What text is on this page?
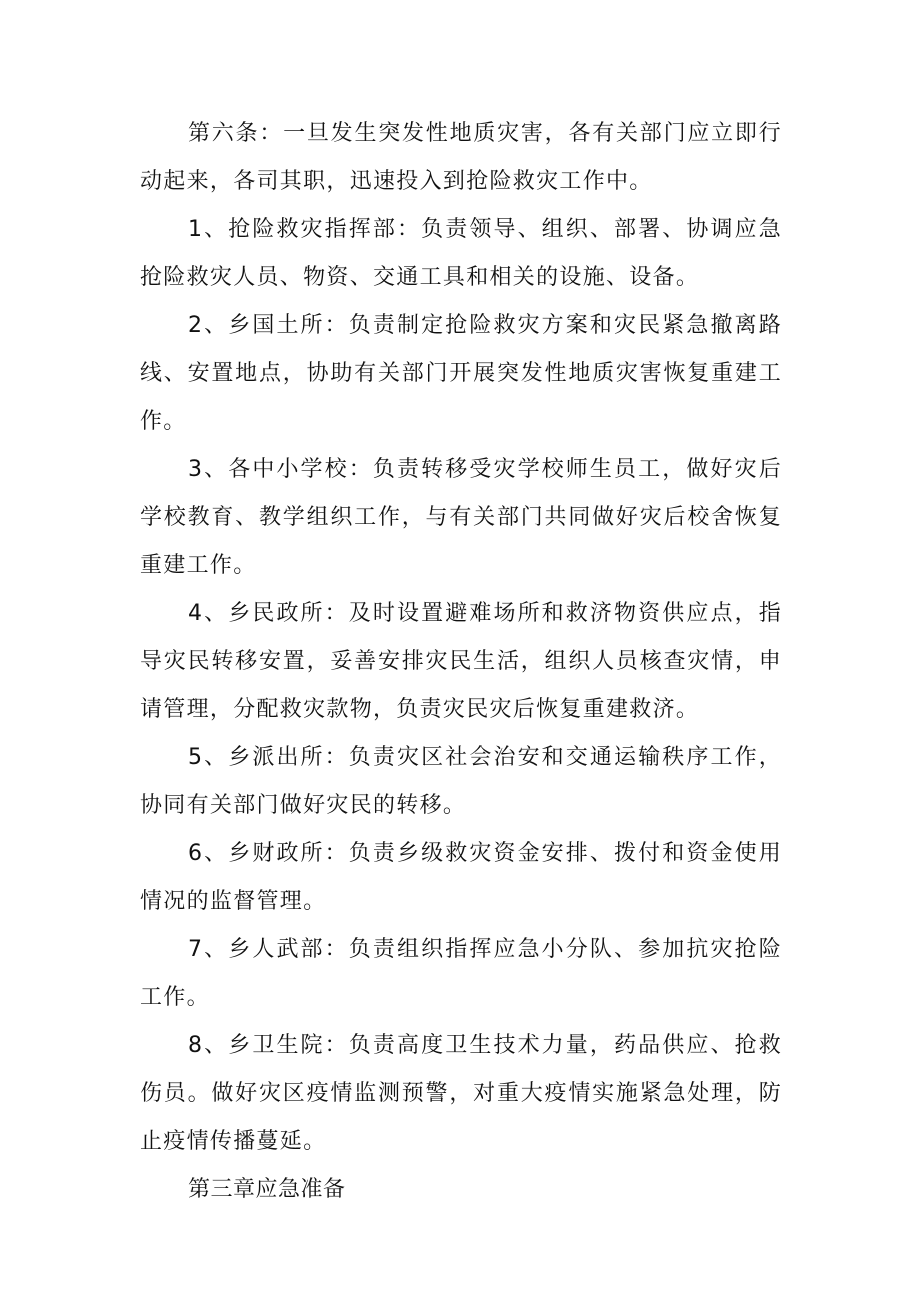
第六条：一旦发生突发性地质灾害，各有关部门应立即行动起来，各司其职，迅速投入到抢险救灾工作中。

1、抢险救灾指挥部：负责领导、组织、部署、协调应急抢险救灾人员、物资、交通工具和相关的设施、设备。

2、乡国土所：负责制定抢险救灾方案和灾民紧急撤离路线、安置地点，协助有关部门开展突发性地质灾害恢复重建工作。

3、各中小学校：负责转移受灾学校师生员工，做好灾后学校教育、教学组织工作，与有关部门共同做好灾后校舍恢复重建工作。

4、乡民政所：及时设置避难场所和救济物资供应点，指导灾民转移安置，妥善安排灾民生活，组织人员核查灾情，申请管理，分配救灾款物，负责灾民灾后恢复重建救济。

5、乡派出所：负责灾区社会治安和交通运输秩序工作，协同有关部门做好灾民的转移。

6、乡财政所：负责乡级救灾资金安排、拨付和资金使用情况的监督管理。

7、乡人武部：负责组织指挥应急小分队、参加抗灾抢险工作。

8、乡卫生院：负责高度卫生技术力量，药品供应、抢救伤员。做好灾区疫情监测预警，对重大疫情实施紧急处理，防止疫情传播蔓延。

第三章应急准备
